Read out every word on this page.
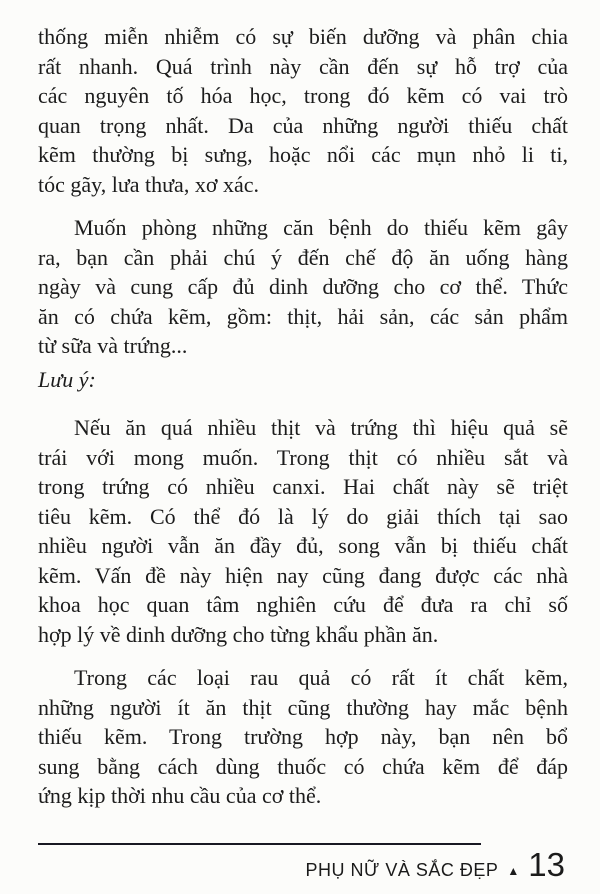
thống miễn nhiễm có sự biến dưỡng và phân chia
rất nhanh. Quá trình này cần đến sự hỗ trợ của
các nguyên tố hóa học, trong đó kẽm có vai trò
quan trọng nhất. Da của những người thiếu chất
kẽm thường bị sưng, hoặc nổi các mụn nhỏ li ti,
tóc gãy, lưa thưa, xơ xác.
Muốn phòng những căn bệnh do thiếu kẽm gây
ra, bạn cần phải chú ý đến chế độ ăn uống hàng
ngày và cung cấp đủ dinh dưỡng cho cơ thể. Thức
ăn có chứa kẽm, gồm: thịt, hải sản, các sản phẩm
từ sữa và trứng...
Lưu ý:
Nếu ăn quá nhiều thịt và trứng thì hiệu quả sẽ
trái với mong muốn. Trong thịt có nhiều sắt và
trong trứng có nhiều canxi. Hai chất này sẽ triệt
tiêu kẽm. Có thể đó là lý do giải thích tại sao
nhiều người vẫn ăn đầy đủ, song vẫn bị thiếu chất
kẽm. Vấn đề này hiện nay cũng đang được các nhà
khoa học quan tâm nghiên cứu để đưa ra chỉ số
hợp lý về dinh dưỡng cho từng khẩu phần ăn.
Trong các loại rau quả có rất ít chất kẽm,
những người ít ăn thịt cũng thường hay mắc bệnh
thiếu kẽm. Trong trường hợp này, bạn nên bổ
sung bằng cách dùng thuốc có chứa kẽm để đáp
ứng kịp thời nhu cầu của cơ thể.
PHỤ NỮ VÀ SẮC ĐẸP ▲ 13
